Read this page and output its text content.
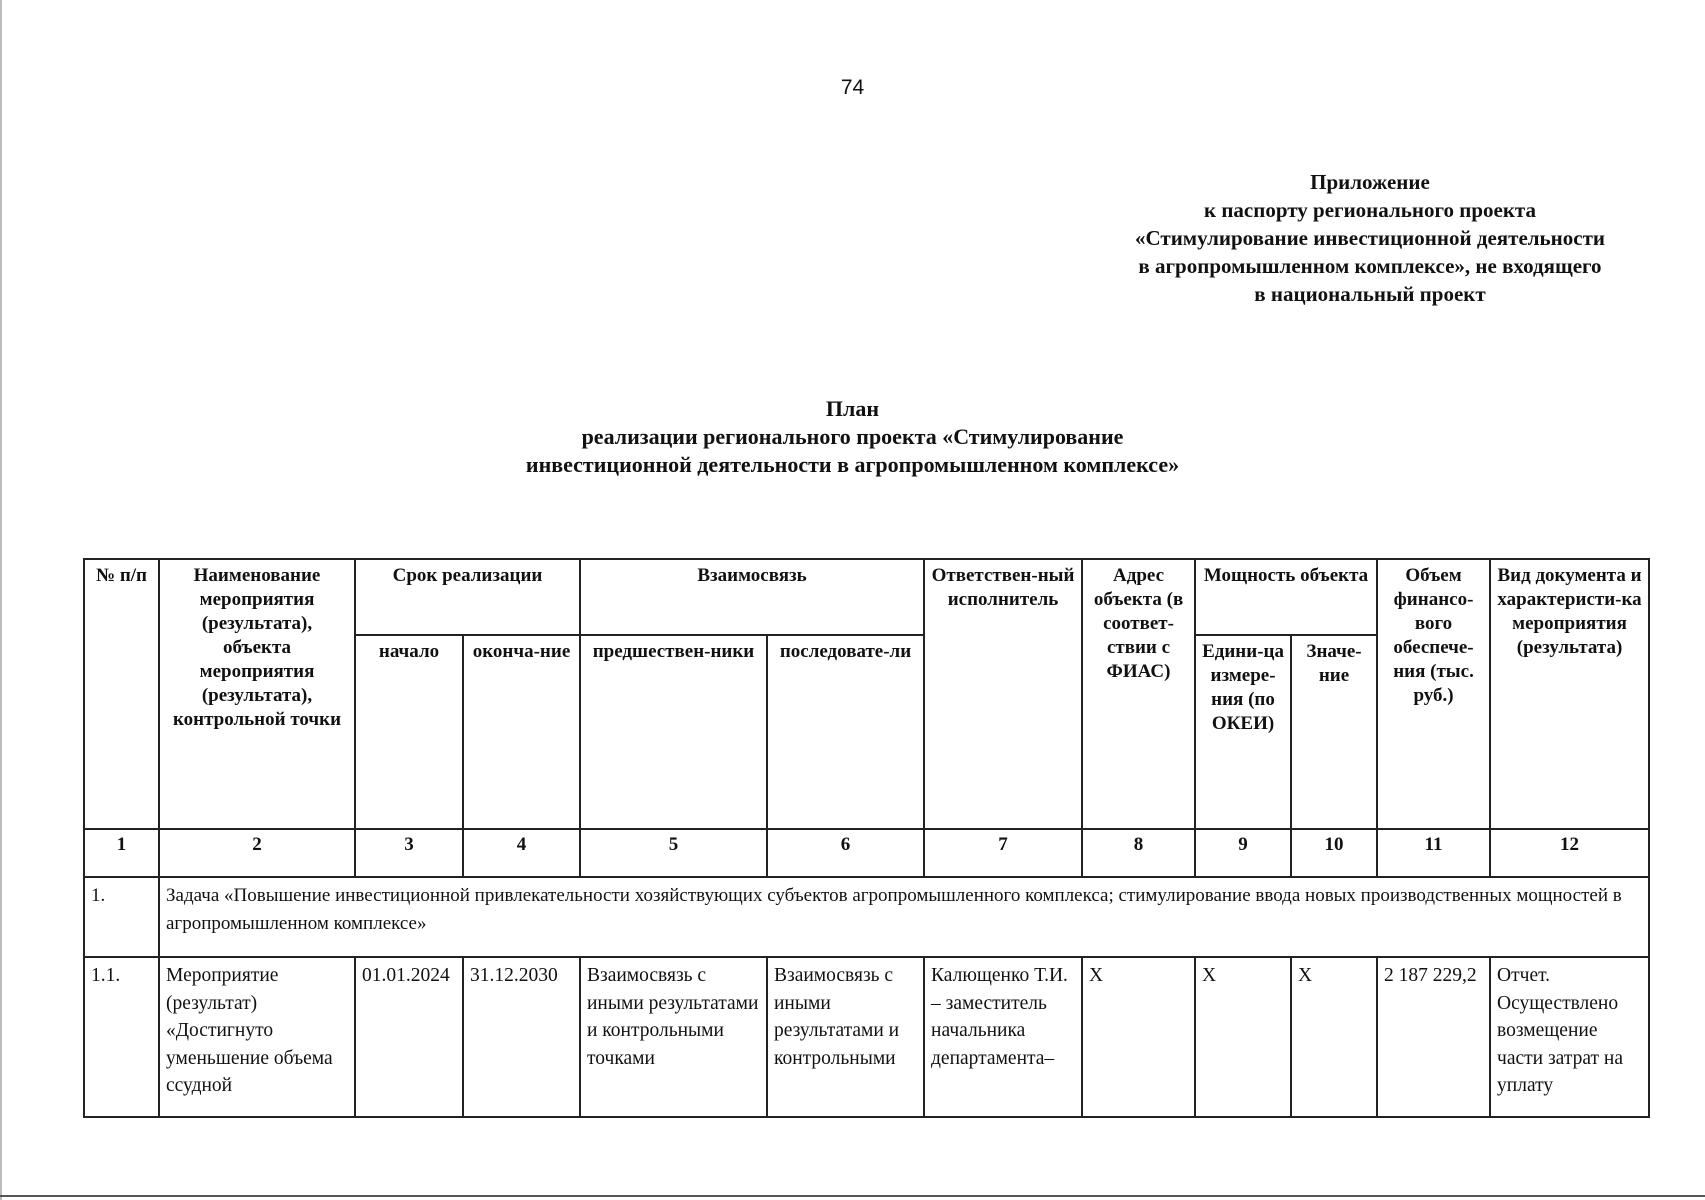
74
Приложение
к паспорту регионального проекта
«Стимулирование инвестиционной деятельности
в агропромышленном комплексе», не входящего
в национальный проект
План
реализации регионального проекта «Стимулирование
инвестиционной деятельности в агропромышленном комплексе»
№ п/п	Наименование мероприятия (результата), объекта мероприятия (результата), контрольной точки	Срок реализации		Взаимосвязь		Ответствен-ный исполнитель	Адрес объекта (в соответ-ствии с ФИАС)	Мощность объекта		Объем финансо-вого обеспече-ния (тыс. руб.)	Вид документа и характеристи-ка мероприятия (результата)
		начало	оконча-ние	предшествен-ники	последовате-ли			Едини-ца измере-ния (по ОКЕИ)	Значе-ние		
1	2	3	4	5	6	7	8	9	10	11	12
1.	Задача «Повышение инвестиционной привлекательности хозяйствующих субъектов агропромышленного комплекса; стимулирование ввода новых производственных мощностей в агропромышленном комплексе»										
1.1.	Мероприятие (результат) «Достигнуто уменьшение объема ссудной	01.01.2024	31.12.2030	Взаимосвязь с иными результатами и контрольными точками	Взаимосвязь с иными результатами и контрольными	Калющенко Т.И. – заместитель начальника департамента–	X	X	X	2 187 229,2	Отчет. Осуществлено возмещение части затрат на уплату
